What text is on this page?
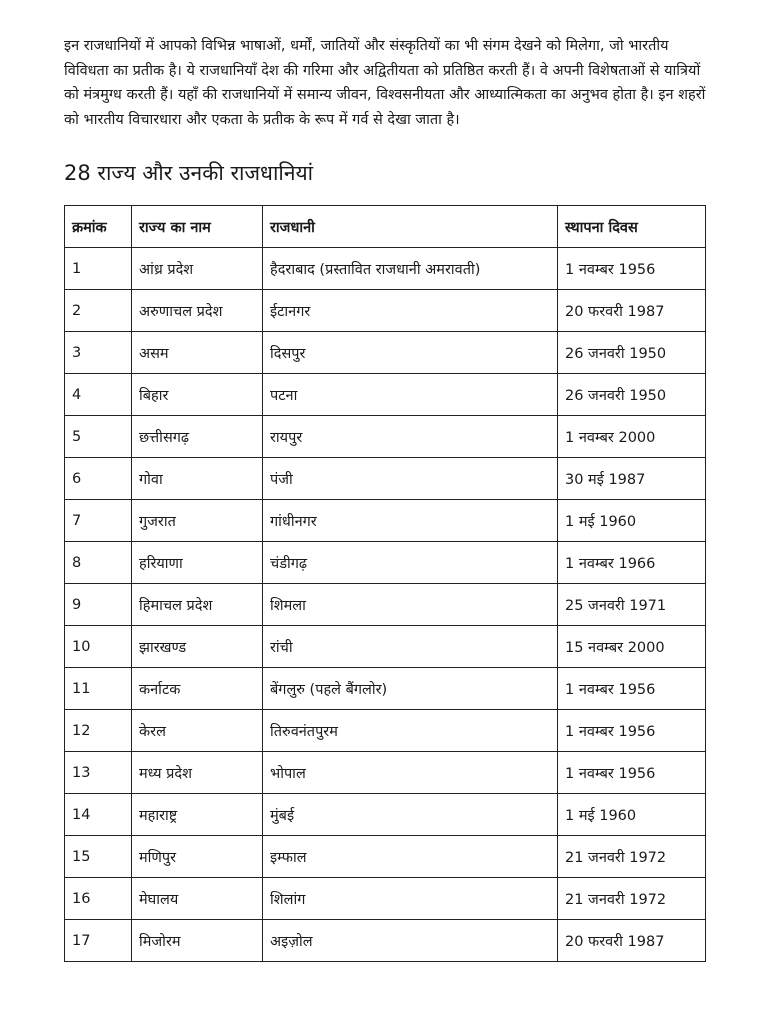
इन राजधानियों में आपको विभिन्न भाषाओं, धर्मों, जातियों और संस्कृतियों का भी संगम देखने को मिलेगा, जो भारतीय विविधता का प्रतीक है। ये राजधानियाँ देश की गरिमा और अद्वितीयता को प्रतिष्ठित करती हैं। वे अपनी विशेषताओं से यात्रियों को मंत्रमुग्ध करती हैं। यहाँ की राजधानियों में समान्य जीवन, विश्वसनीयता और आध्यात्मिकता का अनुभव होता है। इन शहरों को भारतीय विचारधारा और एकता के प्रतीक के रूप में गर्व से देखा जाता है।

28 राज्य और उनकी राजधानियां
क्रमांक	राज्य का नाम	राजधानी	स्थापना दिवस
1	आंध्र प्रदेश	हैदराबाद (प्रस्तावित राजधानी अमरावती)	1 नवम्बर 1956
2	अरुणाचल प्रदेश	ईटानगर	20 फरवरी 1987
3	असम	दिसपुर	26 जनवरी 1950
4	बिहार	पटना	26 जनवरी 1950
5	छत्तीसगढ़	रायपुर	1 नवम्बर 2000
6	गोवा	पंजी	30 मई 1987
7	गुजरात	गांधीनगर	1 मई 1960
8	हरियाणा	चंडीगढ़	1 नवम्बर 1966
9	हिमाचल प्रदेश	शिमला	25 जनवरी 1971
10	झारखण्ड	रांची	15 नवम्बर 2000
11	कर्नाटक	बेंगलुरु (पहले बैंगलोर)	1 नवम्बर 1956
12	केरल	तिरुवनंतपुरम	1 नवम्बर 1956
13	मध्य प्रदेश	भोपाल	1 नवम्बर 1956
14	महाराष्ट्र	मुंबई	1 मई 1960
15	मणिपुर	इम्फाल	21 जनवरी 1972
16	मेघालय	शिलांग	21 जनवरी 1972
17	मिजोरम	अइज़ोल	20 फरवरी 1987
